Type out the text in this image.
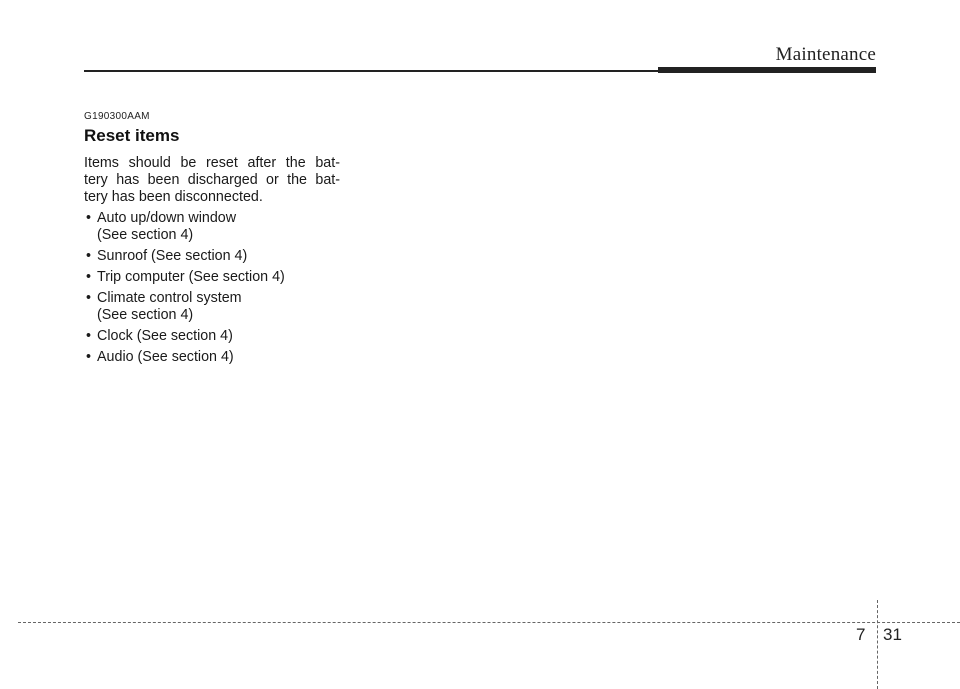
Maintenance
G190300AAM
Reset items
Items should be reset after the bat-
tery has been discharged or the bat-
tery has been disconnected.
• Auto up/down window
(See section 4)
• Sunroof (See section 4)
• Trip computer (See section 4)
• Climate control system
(See section 4)
• Clock (See section 4)
• Audio (See section 4)
7 31
